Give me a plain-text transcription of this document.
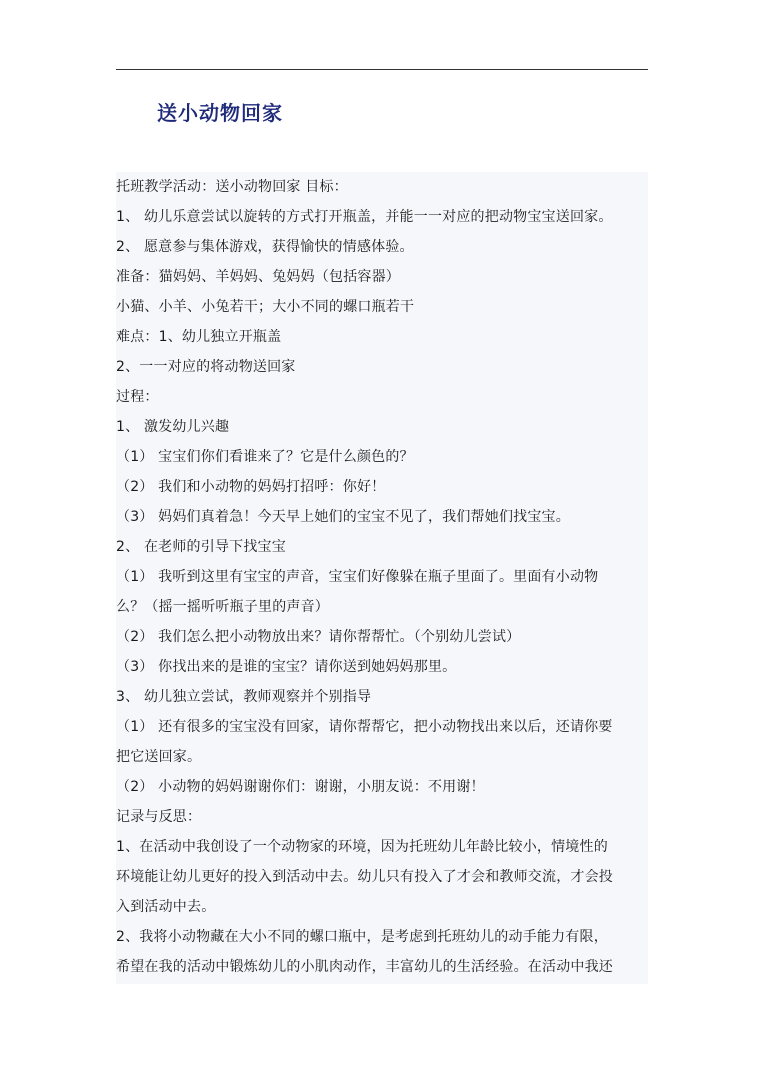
送小动物回家
托班教学活动：送小动物回家 目标：
1、 幼儿乐意尝试以旋转的方式打开瓶盖，并能一一对应的把动物宝宝送回家。
2、 愿意参与集体游戏，获得愉快的情感体验。
准备：猫妈妈、羊妈妈、兔妈妈（包括容器）
小猫、小羊、小兔若干；大小不同的螺口瓶若干
难点：1、幼儿独立开瓶盖
2、一一对应的将动物送回家
过程：
1、 激发幼儿兴趣
（1） 宝宝们你们看谁来了？它是什么颜色的？
（2） 我们和小动物的妈妈打招呼：你好！
（3） 妈妈们真着急！今天早上她们的宝宝不见了，我们帮她们找宝宝。
2、 在老师的引导下找宝宝
（1） 我听到这里有宝宝的声音，宝宝们好像躲在瓶子里面了。里面有小动物
么？（摇一摇听听瓶子里的声音）
（2） 我们怎么把小动物放出来？请你帮帮忙。（个别幼儿尝试）
（3） 你找出来的是谁的宝宝？请你送到她妈妈那里。
3、 幼儿独立尝试，教师观察并个别指导
（1） 还有很多的宝宝没有回家，请你帮帮它，把小动物找出来以后，还请你要
把它送回家。
（2） 小动物的妈妈谢谢你们：谢谢，小朋友说：不用谢！
记录与反思：
1、在活动中我创设了一个动物家的环境，因为托班幼儿年龄比较小，情境性的
环境能让幼儿更好的投入到活动中去。幼儿只有投入了才会和教师交流，才会投
入到活动中去。
2、我将小动物藏在大小不同的螺口瓶中，是考虑到托班幼儿的动手能力有限，
希望在我的活动中锻炼幼儿的小肌肉动作，丰富幼儿的生活经验。在活动中我还
